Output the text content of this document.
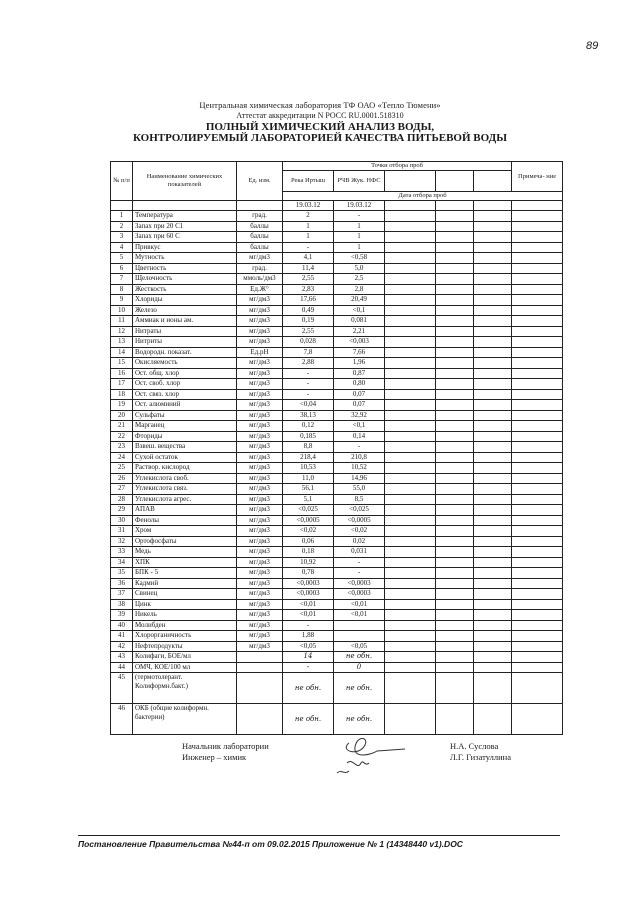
89
Центральная химическая лаборатория ТФ ОАО «Тепло Тюмени»
Аттестат аккредитации N РОСС RU.0001.518310
ПОЛНЫЙ ХИМИЧЕСКИЙ АНАЛИЗ ВОДЫ,
КОНТРОЛИРУЕМЫЙ ЛАБОРАТОРИЕЙ КАЧЕСТВА ПИТЬЕВОЙ ВОДЫ
№ п/п	Наименование химических показателей	Ед. изм.	Точки отбора проб					Примеча- ние
			Река Иртыш	РЧВ Жук. НФС				
			Дата отбора проб					
			19.03.12	19.03.12				
1	Температура	град.	2	-				
2	Запах при 20 С1	баллы	1	1				
3	Запах при 60 С	баллы	1	1				
4	Привкус	баллы	-	1				
5	Мутность	мг/дм3	4,1	<0,58				
6	Цветность	град.	11,4	5,0				
7	Щелочность	ммоль/дм3	2,55	2,5				
8	Жесткость	Ед.Ж°	2,83	2,8				
9	Хлориды	мг/дм3	17,66	20,49				
10	Железо	мг/дм3	0,49	<0,1				
11	Аммиак и ионы ам.	мг/дм3	0,19	0,081				
12	Нитраты	мг/дм3	2,55	2,21				
13	Нитриты	мг/дм3	0,028	<0,003				
14	Водородн. показат.	Ед.рН	7,8	7,66				
15	Окисляемость	мг/дм3	2,88	1,96				
16	Ост. общ. хлор	мг/дм3	-	0,87				
17	Ост. своб. хлор	мг/дм3	-	0,80				
18	Ост. связ. хлор	мг/дм3	-	0,07				
19	Ост. алюминий	мг/дм3	<0,04	0,07				
20	Сульфаты	мг/дм3	38,13	32,92				
21	Марганец	мг/дм3	0,12	<0,1				
22	Фториды	мг/дм3	0,185	0,14				
23	Взвеш. вещества	мг/дм3	8,8	-				
24	Сухой остаток	мг/дм3	218,4	210,8				
25	Раствор. кислород	мг/дм3	10,53	10,52				
26	Углекислота своб.	мг/дм3	11,0	14,96				
27	Углекислота связ.	мг/дм3	56,1	55,0				
28	Углекислота агрес.	мг/дм3	5,1	8,5				
29	АПАВ	мг/дм3	<0,025	<0,025				
30	Фенолы	мг/дм3	<0,0005	<0,0005				
31	Хром	мг/дм3	<0,02	<0,02				
32	Ортофосфаты	мг/дм3	0,06	0,02				
33	Медь	мг/дм3	0,18	0,031				
34	ХПК	мг/дм3	10,92	-				
35	БПК - 5	мг/дм3	0,78	-				
36	Кадмий	мг/дм3	<0,0003	<0,0003				
37	Свинец	мг/дм3	<0,0003	<0,0003				
38	Цинк	мг/дм3	<0,01	<0,01				
39	Никель	мг/дм3	<0,01	<0,01				
40	Молибден	мг/дм3	-					
41	Хлорорганичность	мг/дм3	1,88					
42	Нефтепродукты	мг/дм3	<0,05	<0,05				
43	Колифаги, БОЕ/мл		14	не обн.				
44	ОМЧ, КОЕ/100 мл		-	0				
45	(термотолерант. Колиформн.бакт.)		не обн.	не обн.				
46	ОКБ (общие колиформн. бактерии)		не обн.	не обн.				
Начальник лаборатории
Инженер – химик
Н.А. Суслова
Л.Г. Гизатуллина
Постановление Правительства №44-п от 09.02.2015 Приложение № 1 (14348440 v1).DOC
